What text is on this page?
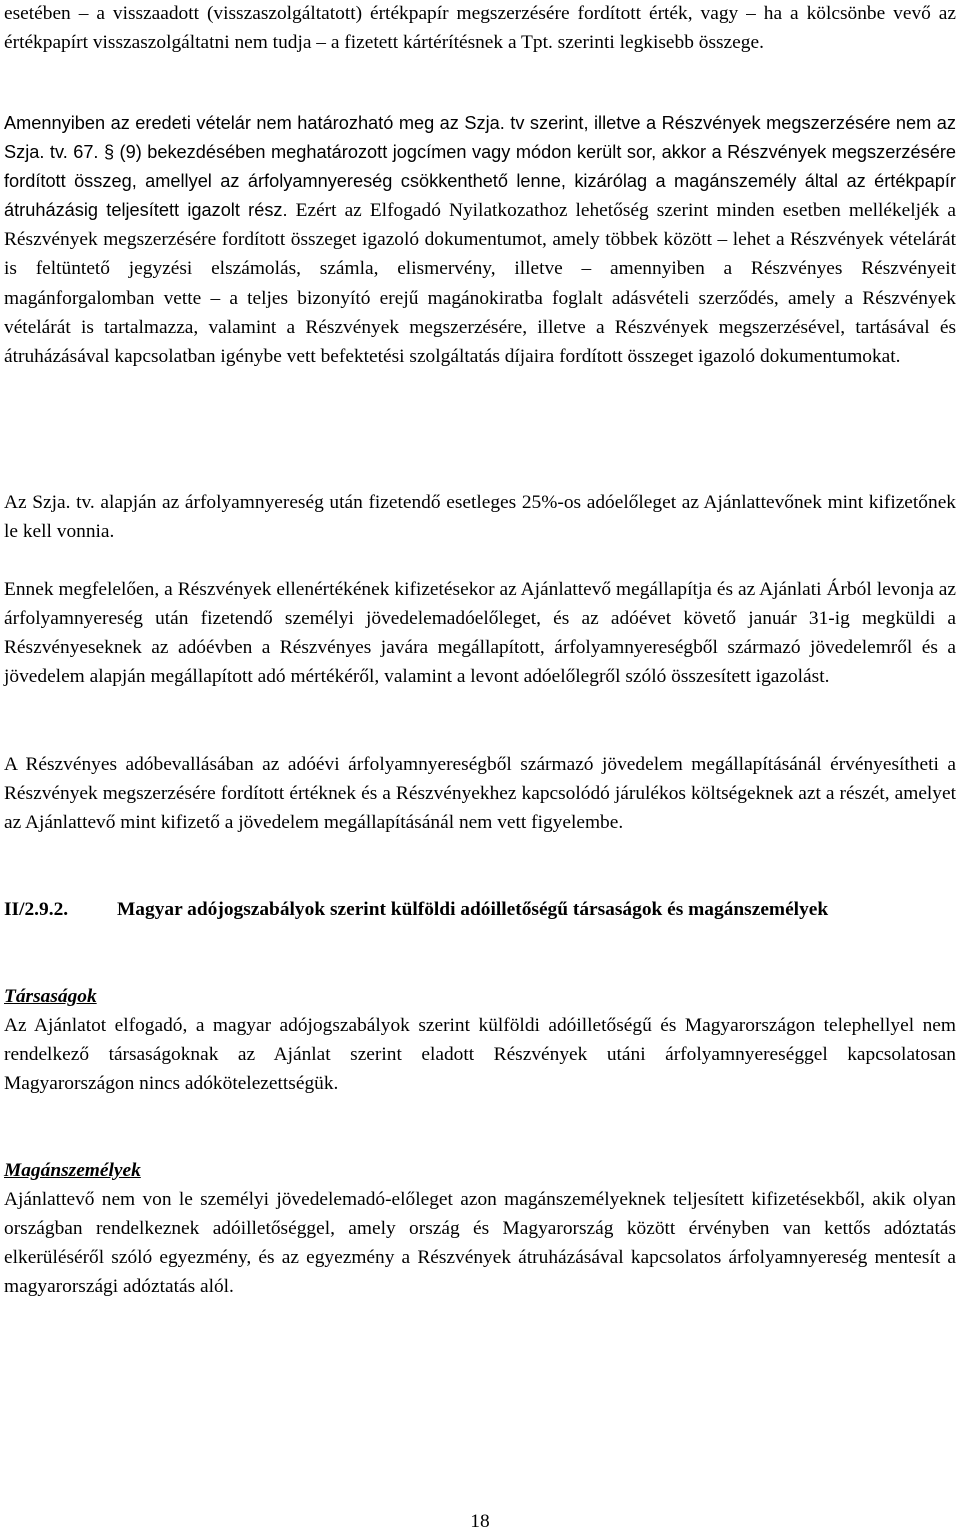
esetében – a visszaadott (visszaszolgáltatott) értékpapír megszerzésére fordított érték, vagy – ha a kölcsönbe vevő az értékpapírt visszaszolgáltatni nem tudja – a fizetett kártérítésnek a Tpt. szerinti legkisebb összege.

Amennyiben az eredeti vételár nem határozható meg az Szja. tv szerint, illetve a Részvények megszerzésére nem az Szja. tv. 67. § (9) bekezdésében meghatározott jogcímen vagy módon került sor, akkor a Részvények megszerzésére fordított összeg, amellyel az árfolyamnyereség csökkenthető lenne, kizárólag a magánszemély által az értékpapír átruházásig teljesített igazolt rész. Ezért az Elfogadó Nyilatkozathoz lehetőség szerint minden esetben mellékeljék a Részvények megszerzésére fordított összeget igazoló dokumentumot, amely többek között – lehet a Részvények vételárát is feltüntető jegyzési elszámolás, számla, elismervény, illetve – amennyiben a Részvényes Részvényeit magánforgalomban vette – a teljes bizonyító erejű magánokiratba foglalt adásvételi szerződés, amely a Részvények vételárát is tartalmazza, valamint a Részvények megszerzésére, illetve a Részvények megszerzésével, tartásával és átruházásával kapcsolatban igénybe vett befektetési szolgáltatás díjaira fordított összeget igazoló dokumentumokat.

Az Szja. tv. alapján az árfolyamnyereség után fizetendő esetleges 25%-os adóelőleget az Ajánlattevőnek mint kifizetőnek le kell vonnia.

Ennek megfelelően, a Részvények ellenértékének kifizetésekor az Ajánlattevő megállapítja és az Ajánlati Árból levonja az árfolyamnyereség után fizetendő személyi jövedelemadóelőleget, és az adóévet követő január 31-ig megküldi a Részvényeseknek az adóévben a Részvényes javára megállapított, árfolyamnyereségből származó jövedelemről és a jövedelem alapján megállapított adó mértékéről, valamint a levont adóelőlegről szóló összesített igazolást.

A Részvényes adóbevallásában az adóévi árfolyamnyereségből származó jövedelem megállapításánál érvényesítheti a Részvények megszerzésére fordított értéknek és a Részvényekhez kapcsolódó járulékos költségeknek azt a részét, amelyet az Ajánlattevő mint kifizető a jövedelem megállapításánál nem vett figyelembe.

II/2.9.2.	Magyar adójogszabályok szerint külföldi adóilletőségű társaságok és magánszemélyek

Társaságok

Az Ajánlatot elfogadó, a magyar adójogszabályok szerint külföldi adóilletőségű és Magyarországon telephellyel nem rendelkező társaságoknak az Ajánlat szerint eladott Részvények utáni árfolyamnyereséggel kapcsolatosan Magyarországon nincs adókötelezettségük.

Magánszemélyek

Ajánlattevő nem von le személyi jövedelemadó-előleget azon magánszemélyeknek teljesített kifizetésekből, akik olyan országban rendelkeznek adóilletőséggel, amely ország és Magyarország között érvényben van kettős adóztatás elkerüléséről szóló egyezmény, és az egyezmény a Részvények átruházásával kapcsolatos árfolyamnyereség mentesít a magyarországi adóztatás alól.

18
